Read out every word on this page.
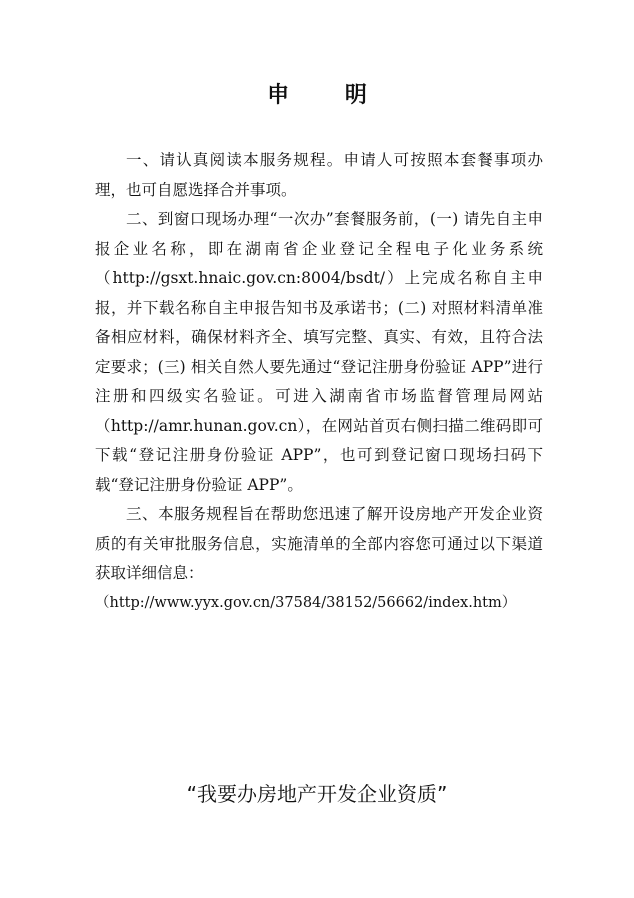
申 明

一、请认真阅读本服务规程。申请人可按照本套餐事项办理，也可自愿选择合并事项。

二、到窗口现场办理“一次办”套餐服务前，(一) 请先自主申报企业名称，即在湖南省企业登记全程电子化业务系统（http://gsxt.hnaic.gov.cn:8004/bsdt/）上完成名称自主申报，并下载名称自主申报告知书及承诺书；(二) 对照材料清单准备相应材料，确保材料齐全、填写完整、真实、有效，且符合法定要求；(三) 相关自然人要先通过“登记注册身份验证 APP”进行注册和四级实名验证。可进入湖南省市场监督管理局网站（http://amr.hunan.gov.cn），在网站首页右侧扫描二维码即可下载“登记注册身份验证 APP”，也可到登记窗口现场扫码下载“登记注册身份验证 APP”。

三、本服务规程旨在帮助您迅速了解开设房地产开发企业资质的有关审批服务信息，实施清单的全部内容您可通过以下渠道获取详细信息：

（http://www.yyx.gov.cn/37584/38152/56662/index.htm）

“我要办房地产开发企业资质”
